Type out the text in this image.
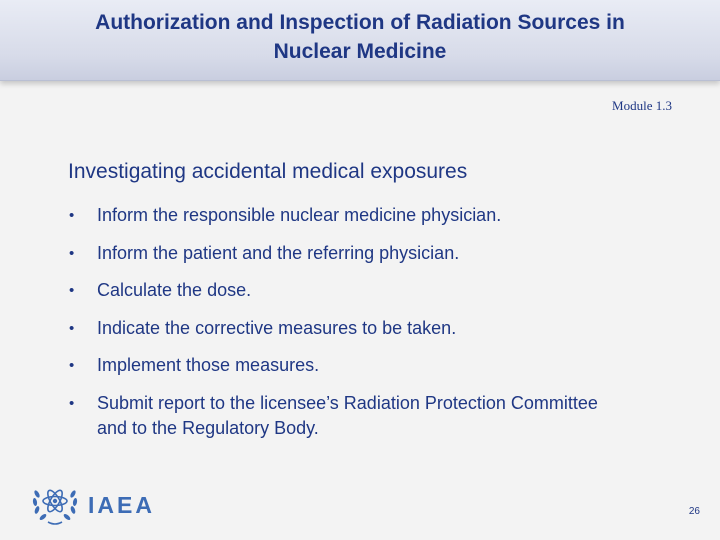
Authorization and Inspection of Radiation Sources in
Nuclear Medicine
Module 1.3
Investigating accidental medical exposures
• Inform the responsible nuclear medicine physician.
• Inform the patient and the referring physician.
• Calculate the dose.
• Indicate the corrective measures to be taken.
• Implement those measures.
• Submit report to the licensee’s Radiation Protection Committee and to the Regulatory Body.
IAEA	26
